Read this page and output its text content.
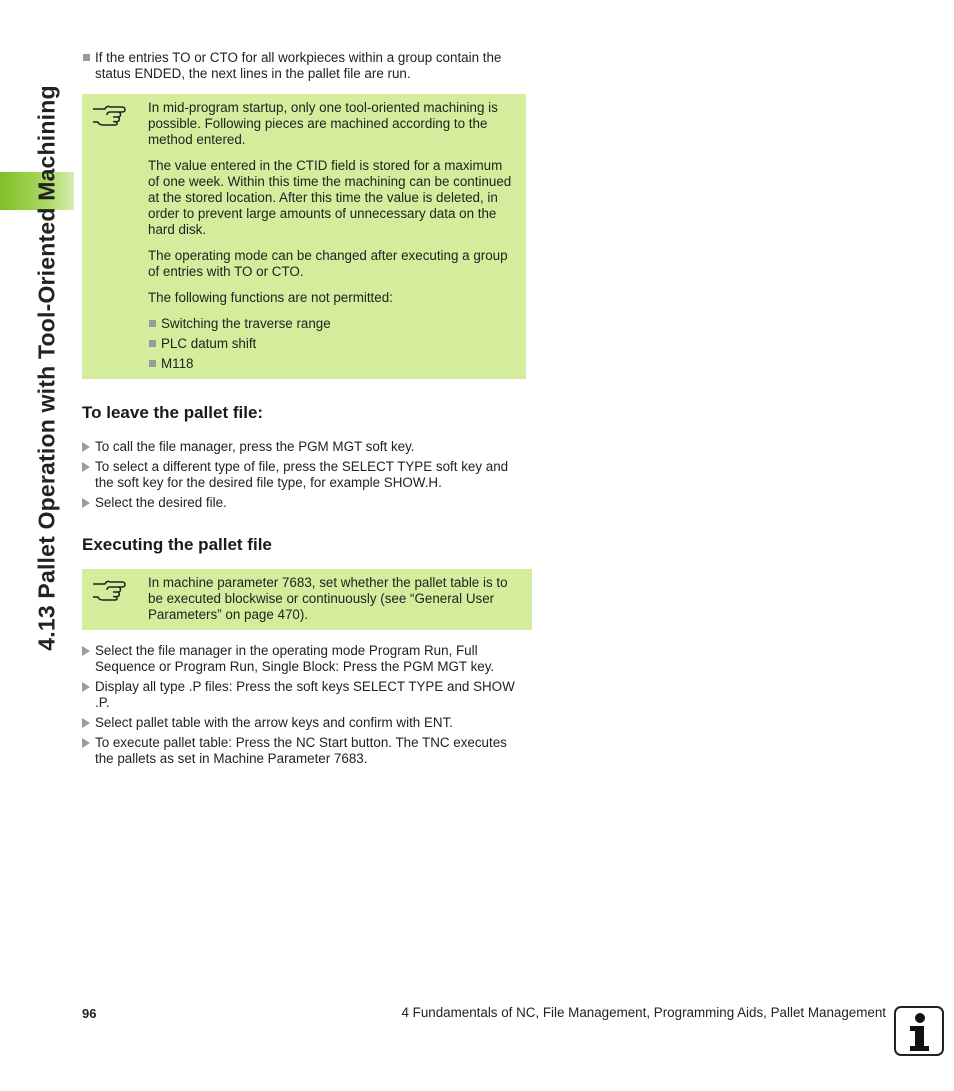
4.13 Pallet Operation with Tool-Oriented Machining
If the entries TO or CTO for all workpieces within a group contain the status ENDED, the next lines in the pallet file are run.

In mid-program startup, only one tool-oriented machining is possible. Following pieces are machined according to the method entered.

The value entered in the CTID field is stored for a maximum of one week. Within this time the machining can be continued at the stored location. After this time the value is deleted, in order to prevent large amounts of unnecessary data on the hard disk.

The operating mode can be changed after executing a group of entries with TO or CTO.

The following functions are not permitted:

Switching the traverse range
PLC datum shift
M118
To leave the pallet file:
To call the file manager, press the PGM MGT soft key.
To select a different type of file, press the SELECT TYPE soft key and the soft key for the desired file type, for example SHOW.H.
Select the desired file.
Executing the pallet file

In machine parameter 7683, set whether the pallet table is to be executed blockwise or continuously (see “General User Parameters” on page 470).

Select the file manager in the operating mode Program Run, Full Sequence or Program Run, Single Block: Press the PGM MGT key.
Display all type .P files: Press the soft keys SELECT TYPE and SHOW .P.
Select pallet table with the arrow keys and confirm with ENT.
To execute pallet table: Press the NC Start button. The TNC executes the pallets as set in Machine Parameter 7683.
96	4 Fundamentals of NC, File Management, Programming Aids, Pallet Management
